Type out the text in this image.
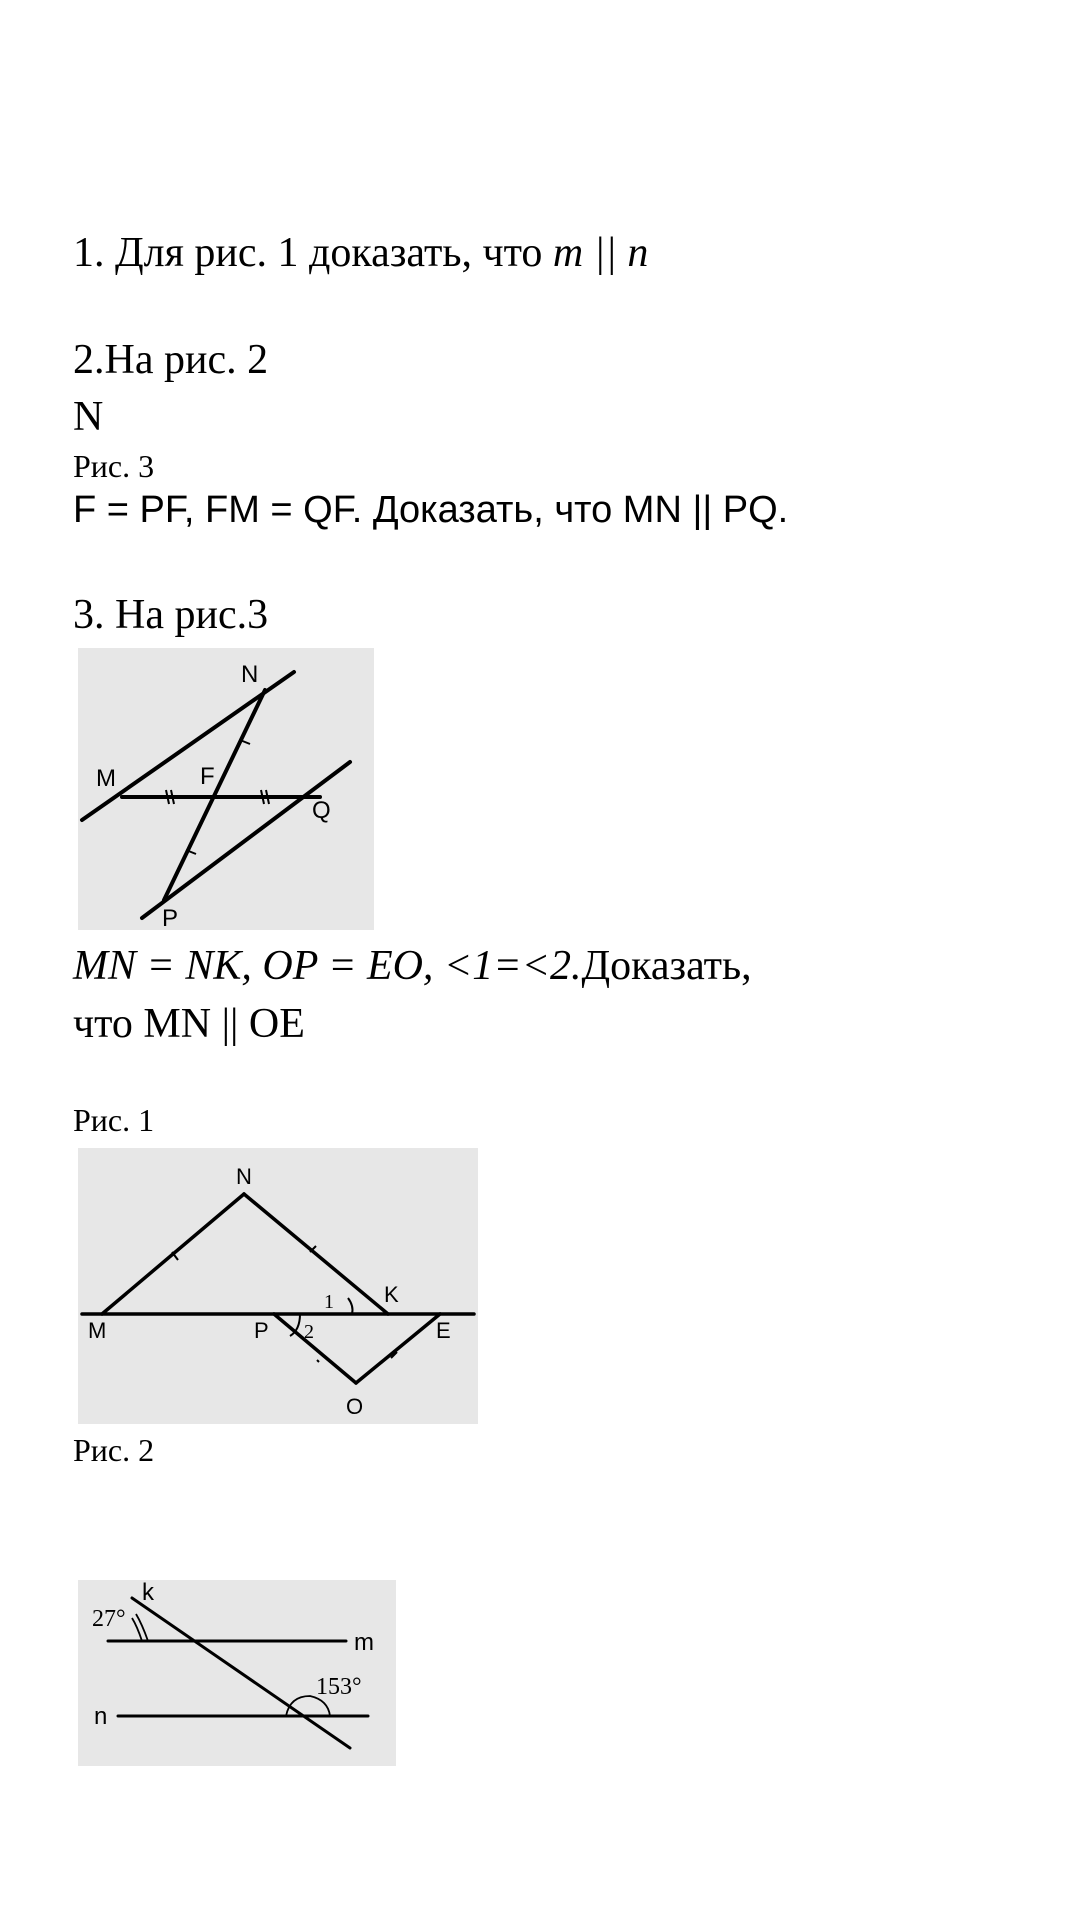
1. Для рис. 1 доказать, что m || n
2.На рис. 2
N
Рис. 3
F = PF, FM = QF. Доказать, что MN || PQ.
3. На рис.3
N
M	F
Q
P
MN = NK, OP = EO, <1=<2.Доказать,
что MN || OE
Рис. 1
N
M
K
P	E
O
1
2
Рис. 2
k
m
n
27°
153°
